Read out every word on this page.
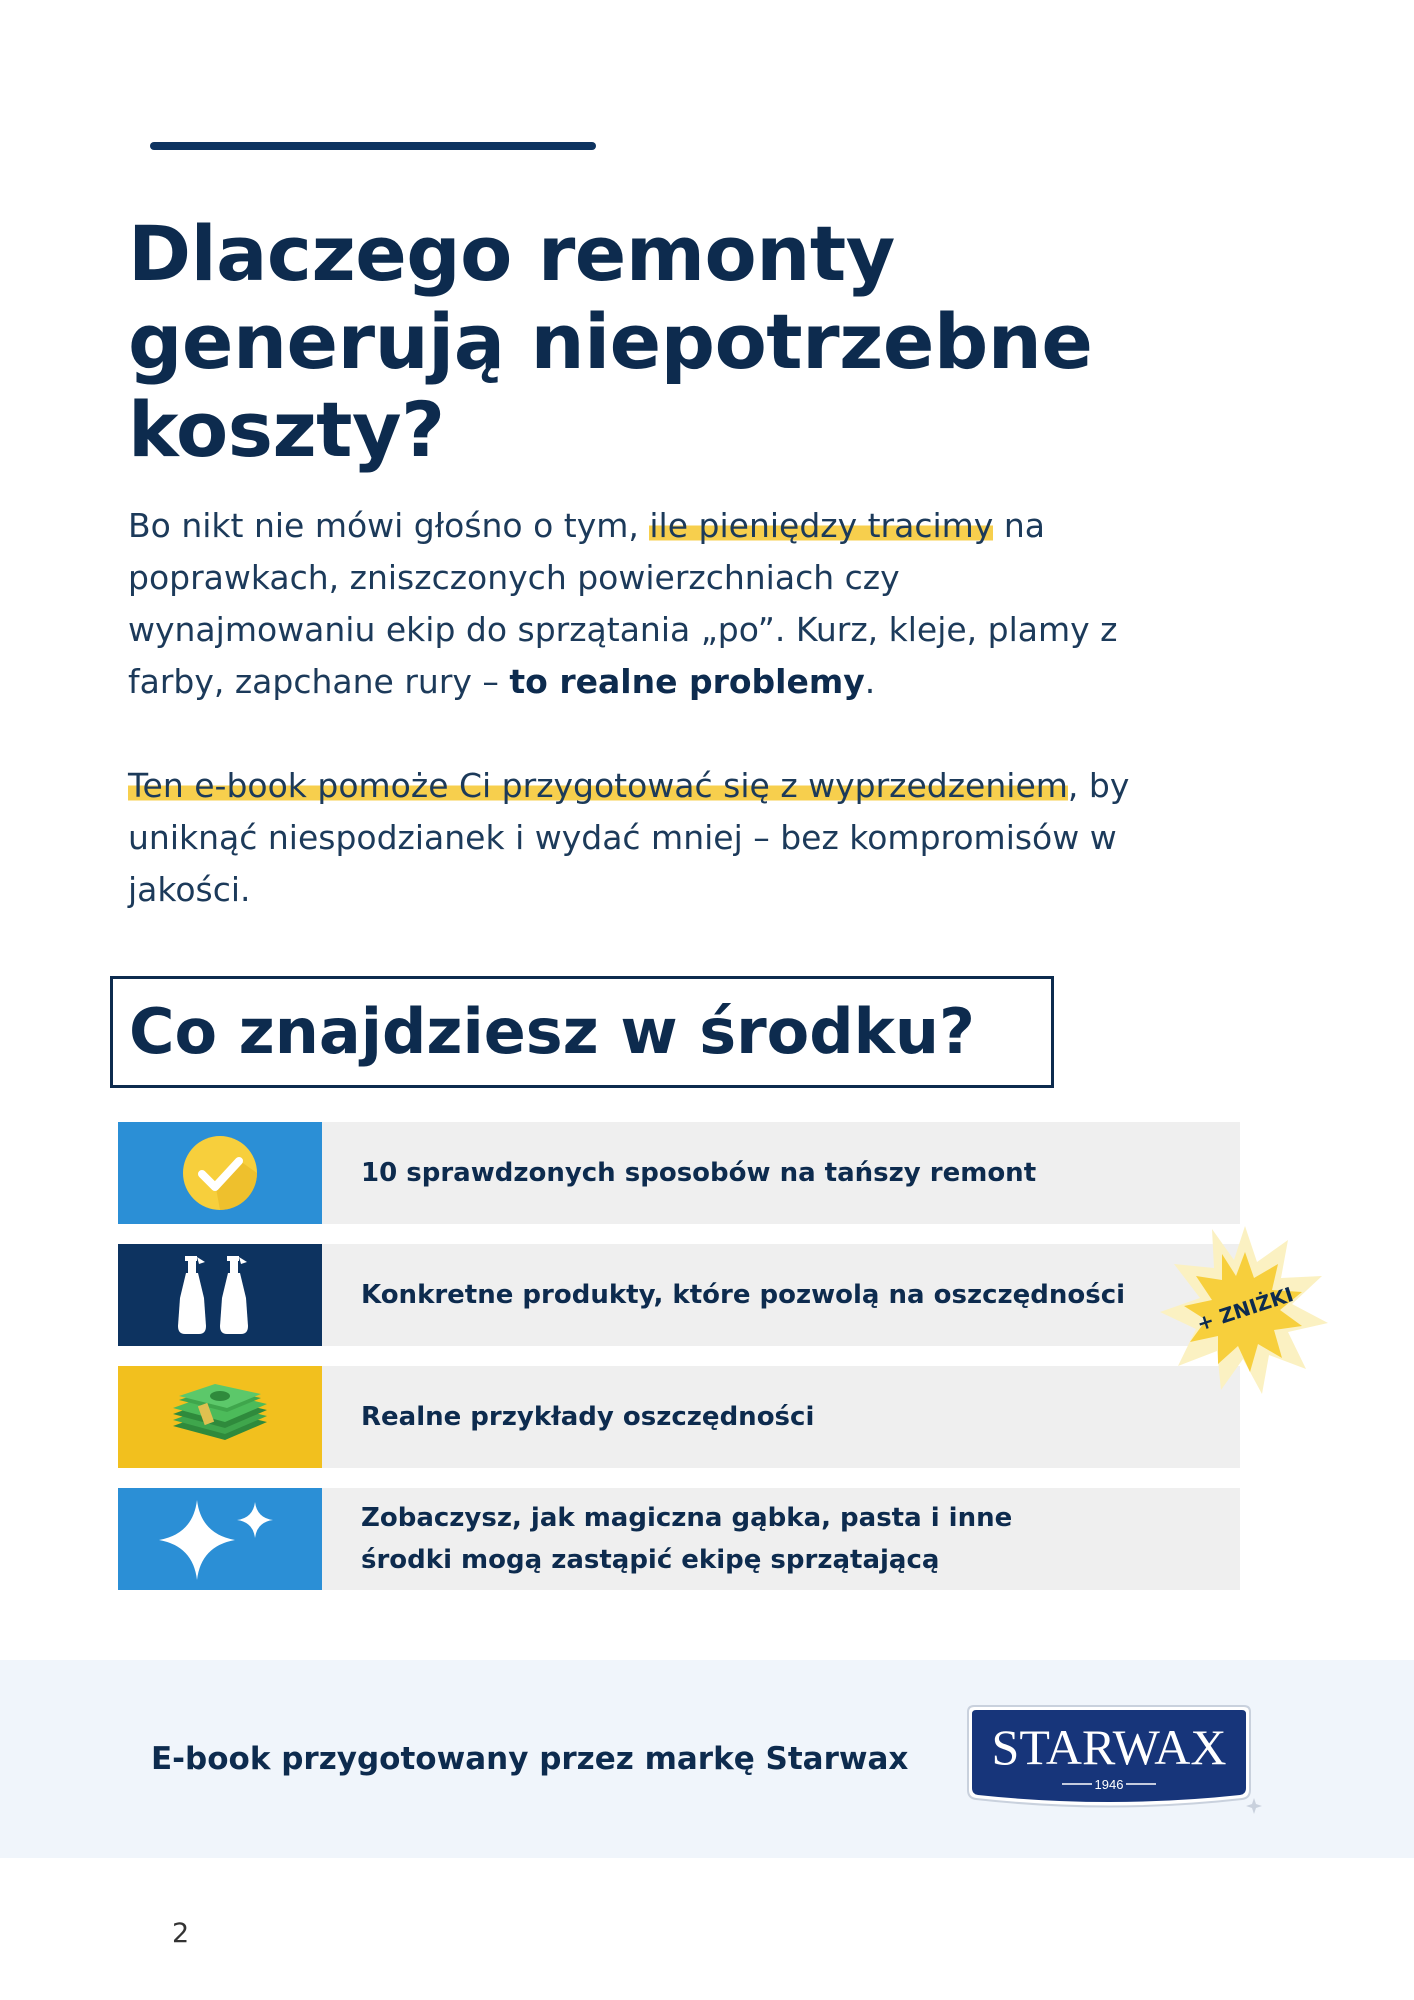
Dlaczego remonty
generują niepotrzebne
koszty?

Bo nikt nie mówi głośno o tym, ile pieniędzy tracimy na
poprawkach, zniszczonych powierzchniach czy
wynajmowaniu ekip do sprzątania „po”. Kurz, kleje, plamy z
farby, zapchane rury – to realne problemy.

Ten e-book pomoże Ci przygotować się z wyprzedzeniem, by
uniknąć niespodzianek i wydać mniej – bez kompromisów w
jakości.

Co znajdziesz w środku?
10 sprawdzonych sposobów na tańszy remont
Konkretne produkty, które pozwolą na oszczędności
Realne przykłady oszczędności
Zobaczysz, jak magiczna gąbka, pasta i inne
środki mogą zastąpić ekipę sprzątającą
+ ZNIŻKI
E-book przygotowany przez markę Starwax STARWAX
1946
2
